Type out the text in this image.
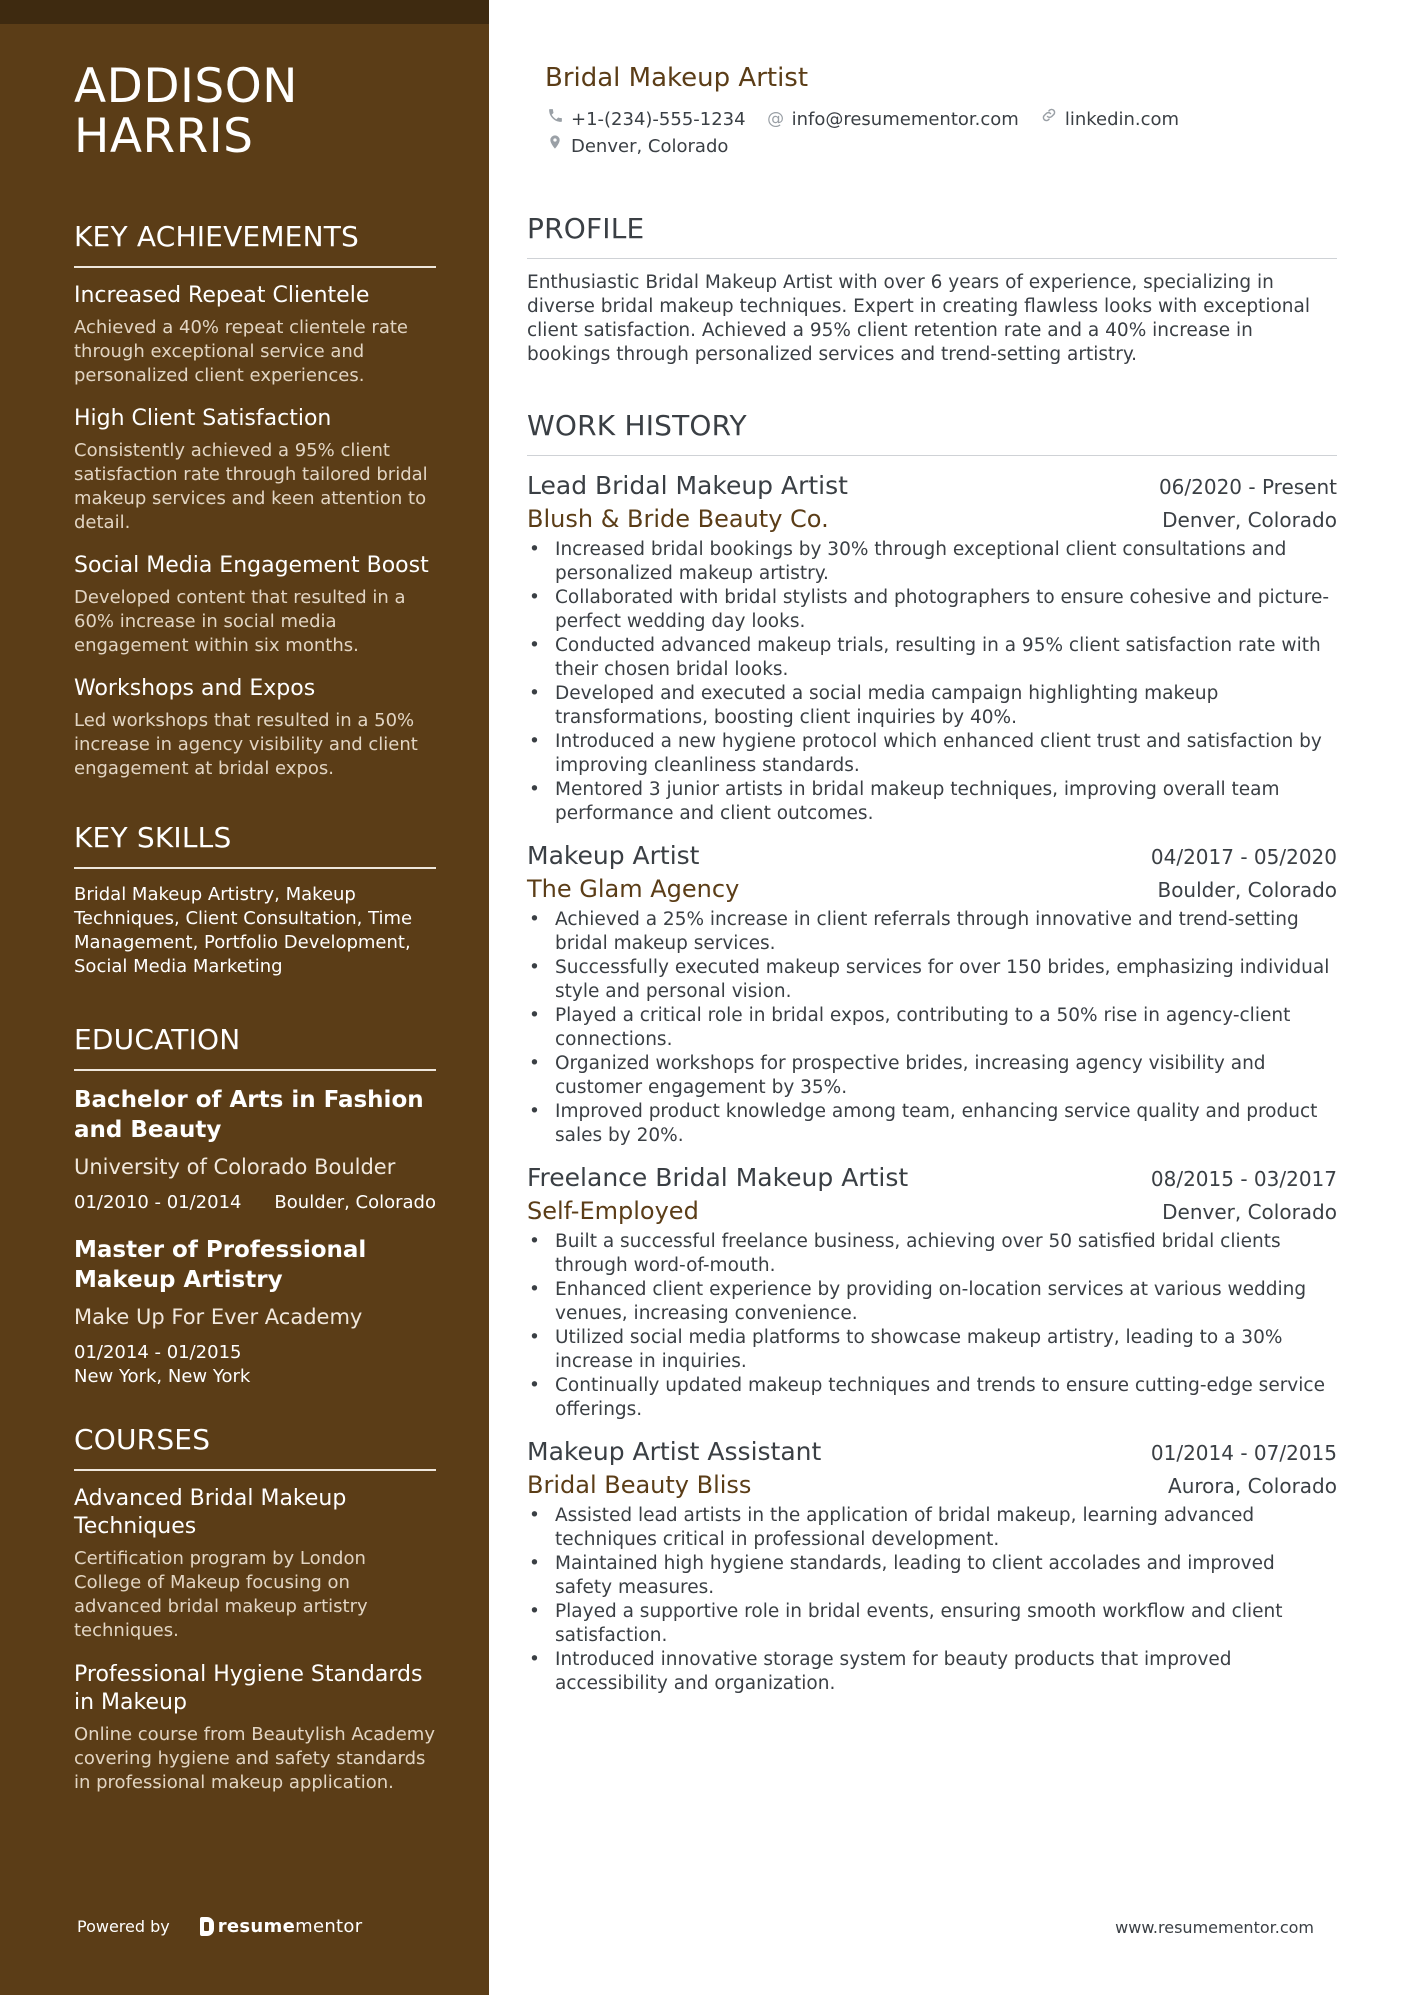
ADDISON
HARRIS
KEY ACHIEVEMENTS
Increased Repeat Clientele
Achieved a 40% repeat clientele rate through exceptional service and personalized client experiences.
High Client Satisfaction
Consistently achieved a 95% client satisfaction rate through tailored bridal makeup services and keen attention to detail.
Social Media Engagement Boost
Developed content that resulted in a 60% increase in social media engagement within six months.
Workshops and Expos
Led workshops that resulted in a 50% increase in agency visibility and client engagement at bridal expos.
KEY SKILLS
Bridal Makeup Artistry, Makeup Techniques, Client Consultation, Time Management, Portfolio Development, Social Media Marketing
EDUCATION
Bachelor of Arts in Fashion and Beauty
University of Colorado Boulder
01/2010 - 01/2014 Boulder, Colorado
Master of Professional Makeup Artistry
Make Up For Ever Academy
01/2014 - 01/2015
New York, New York
COURSES
Advanced Bridal Makeup Techniques
Certification program by London College of Makeup focusing on advanced bridal makeup artistry techniques.
Professional Hygiene Standards in Makeup
Online course from Beautylish Academy covering hygiene and safety standards in professional makeup application.
Powered by	resumementor
Bridal Makeup Artist
+1-(234)-555-1234 @ info@resumementor.com	linkedin.com
Denver, Colorado
PROFILE
Enthusiastic Bridal Makeup Artist with over 6 years of experience, specializing in diverse bridal makeup techniques. Expert in creating flawless looks with exceptional client satisfaction. Achieved a 95% client retention rate and a 40% increase in bookings through personalized services and trend-setting artistry.
WORK HISTORY
Lead Bridal Makeup Artist	06/2020 - Present
Blush & Bride Beauty Co.	Denver, Colorado
• Increased bridal bookings by 30% through exceptional client consultations and personalized makeup artistry.
• Collaborated with bridal stylists and photographers to ensure cohesive and picture-perfect wedding day looks.
• Conducted advanced makeup trials, resulting in a 95% client satisfaction rate with their chosen bridal looks.
• Developed and executed a social media campaign highlighting makeup transformations, boosting client inquiries by 40%.
• Introduced a new hygiene protocol which enhanced client trust and satisfaction by improving cleanliness standards.
• Mentored 3 junior artists in bridal makeup techniques, improving overall team performance and client outcomes.
Makeup Artist	04/2017 - 05/2020
The Glam Agency	Boulder, Colorado
• Achieved a 25% increase in client referrals through innovative and trend-setting bridal makeup services.
• Successfully executed makeup services for over 150 brides, emphasizing individual style and personal vision.
• Played a critical role in bridal expos, contributing to a 50% rise in agency-client connections.
• Organized workshops for prospective brides, increasing agency visibility and customer engagement by 35%.
• Improved product knowledge among team, enhancing service quality and product sales by 20%.
Freelance Bridal Makeup Artist	08/2015 - 03/2017
Self-Employed	Denver, Colorado
• Built a successful freelance business, achieving over 50 satisfied bridal clients through word-of-mouth.
• Enhanced client experience by providing on-location services at various wedding venues, increasing convenience.
• Utilized social media platforms to showcase makeup artistry, leading to a 30% increase in inquiries.
• Continually updated makeup techniques and trends to ensure cutting-edge service offerings.
Makeup Artist Assistant	01/2014 - 07/2015
Bridal Beauty Bliss	Aurora, Colorado
• Assisted lead artists in the application of bridal makeup, learning advanced techniques critical in professional development.
• Maintained high hygiene standards, leading to client accolades and improved safety measures.
• Played a supportive role in bridal events, ensuring smooth workflow and client satisfaction.
• Introduced innovative storage system for beauty products that improved accessibility and organization.
www.resumementor.com
